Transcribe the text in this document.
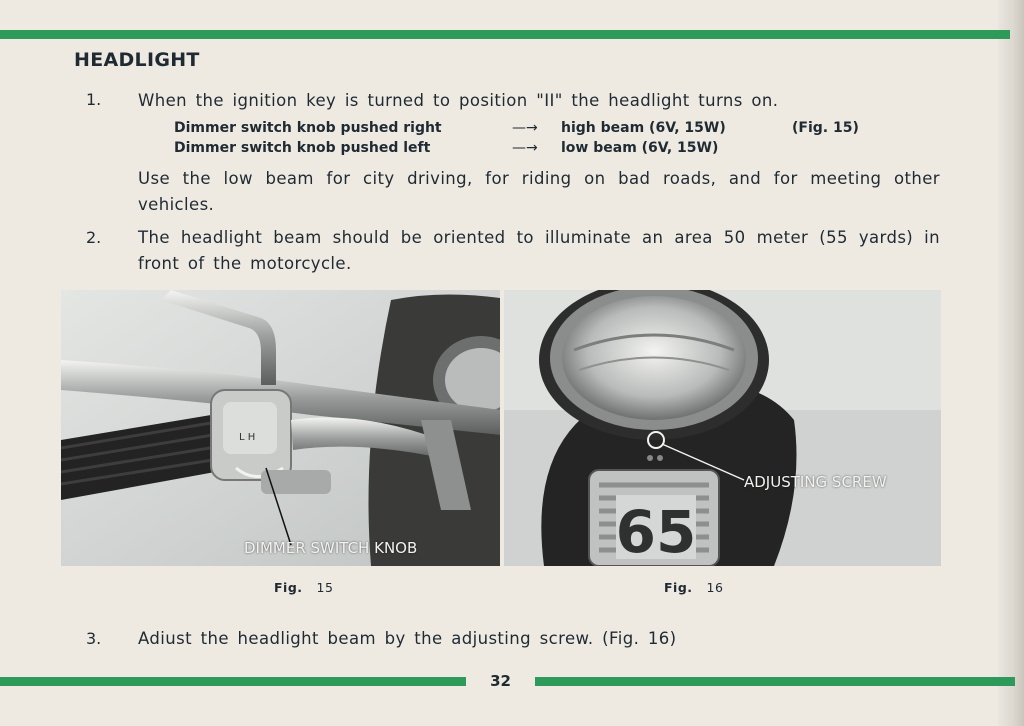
HEADLIGHT
1. When the ignition key is turned to position "II" the headlight turns on.

Dimmer switch knob pushed right	—→ high beam (6V, 15W)	(Fig. 15)
Dimmer switch knob pushed left	—→ low beam (6V, 15W)

Use the low beam for city driving, for riding on bad roads, and for meeting other vehicles.

2. The headlight beam should be oriented to illuminate an area 50 meter (55 yards) in front of the motorcycle.

L H
DIMMER SWITCH KNOB	65
ADJUSTING SCREW
Fig. 15	Fig. 16
3. Adiust the headlight beam by the adjusting screw. (Fig. 16)

32
